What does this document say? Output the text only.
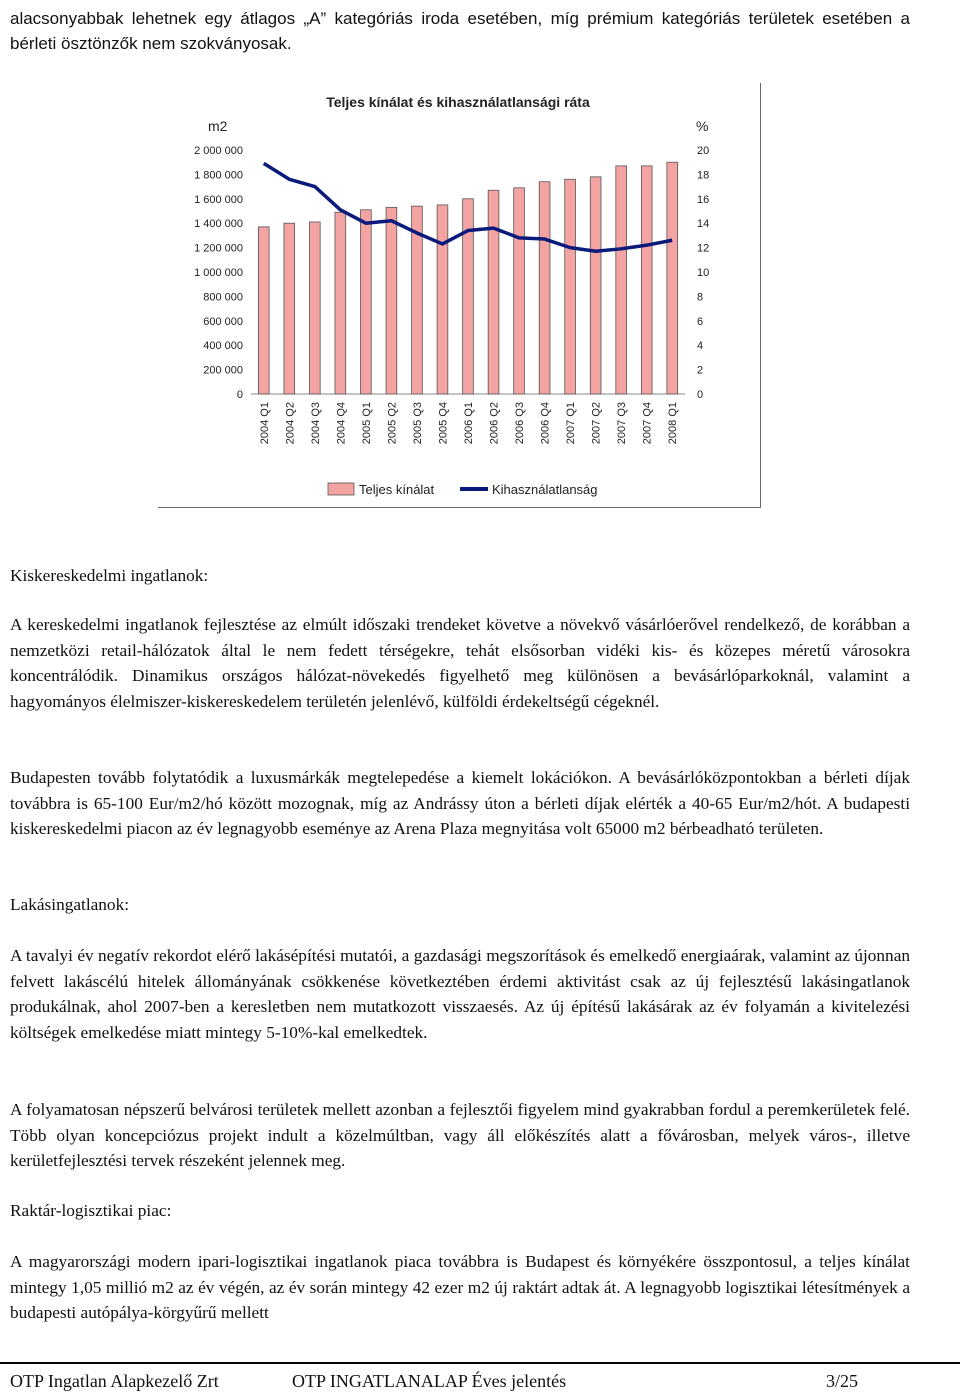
alacsonyabbak lehetnek egy átlagos „A” kategóriás iroda esetében, míg prémium kategóriás területek esetében a bérleti ösztönzők nem szokványosak.

Teljes kínálat és kihasználatlansági ráta
m2	%
0
200 000
400 000
600 000
800 000
1 000 000
1 200 000
1 400 000
1 600 000
1 800 000
2 000 000
0
2
4
6
8
10
12
14
16
18
20
2004 Q1 2004 Q2 2004 Q3 2004 Q4 2005 Q1 2005 Q2 2005 Q3 2005 Q4 2006 Q1 2006 Q2 2006 Q3 2006 Q4 2007 Q1 2007 Q2 2007 Q3 2007 Q4 2008 Q1
Teljes kínálat	Kihasználatlanság
Kiskereskedelmi ingatlanok:

A kereskedelmi ingatlanok fejlesztése az elmúlt időszaki trendeket követve a növekvő vásárlóerővel rendelkező, de korábban a nemzetközi retail-hálózatok által le nem fedett térségekre, tehát elsősorban vidéki kis- és közepes méretű városokra koncentrálódik. Dinamikus országos hálózat-növekedés figyelhető meg különösen a bevásárlóparkoknál, valamint a hagyományos élelmiszer-kiskereskedelem területén jelenlévő, külföldi érdekeltségű cégeknél.

Budapesten tovább folytatódik a luxusmárkák megtelepedése a kiemelt lokációkon. A bevásárlóközpontokban a bérleti díjak továbbra is 65-100 Eur/m2/hó között mozognak, míg az Andrássy úton a bérleti díjak elérték a 40-65 Eur/m2/hót. A budapesti kiskereskedelmi piacon az év legnagyobb eseménye az Arena Plaza megnyitása volt 65000 m2 bérbeadható területen.

Lakásingatlanok:

A tavalyi év negatív rekordot elérő lakásépítési mutatói, a gazdasági megszorítások és emelkedő energiaárak, valamint az újonnan felvett lakáscélú hitelek állományának csökkenése következtében érdemi aktivitást csak az új fejlesztésű lakásingatlanok produkálnak, ahol 2007-ben a keresletben nem mutatkozott visszaesés. Az új építésű lakásárak az év folyamán a kivitelezési költségek emelkedése miatt mintegy 5-10%-kal emelkedtek.

A folyamatosan népszerű belvárosi területek mellett azonban a fejlesztői figyelem mind gyakrabban fordul a peremkerületek felé. Több olyan koncepciózus projekt indult a közelmúltban, vagy áll előkészítés alatt a fővárosban, melyek város-, illetve kerületfejlesztési tervek részeként jelennek meg.

Raktár-logisztikai piac:

A magyarországi modern ipari-logisztikai ingatlanok piaca továbbra is Budapest és környékére összpontosul, a teljes kínálat mintegy 1,05 millió m2 az év végén, az év során mintegy 42 ezer m2 új raktárt adtak át. A legnagyobb logisztikai létesítmények a budapesti autópálya-körgyűrű mellett

OTP Ingatlan Alapkezelő Zrt	OTP INGATLANALAP Éves jelentés	3/25
